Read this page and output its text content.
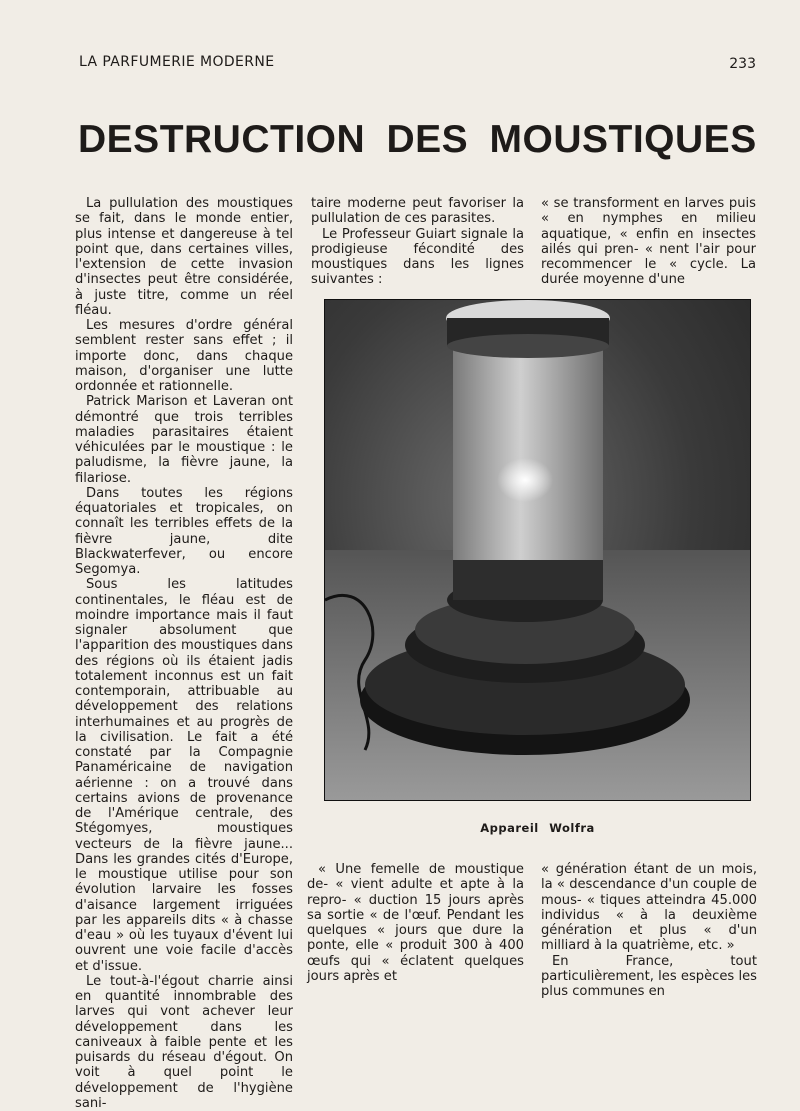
LA PARFUMERIE MODERNE	233
DESTRUCTION DES MOUSTIQUES

La pullulation des moustiques se fait, dans le monde entier, plus intense et dangereuse à tel point que, dans certaines villes, l'extension de cette invasion d'insectes peut être considérée, à juste titre, comme un réel fléau.

Les mesures d'ordre général semblent rester sans effet ; il importe donc, dans chaque maison, d'organiser une lutte ordonnée et rationnelle.

Patrick Marison et Laveran ont démontré que trois terribles maladies parasitaires étaient véhiculées par le moustique : le paludisme, la fièvre jaune, la filariose.

Dans toutes les régions équatoriales et tropicales, on connaît les terribles effets de la fièvre jaune, dite Blackwaterfever, ou encore Segomya.

Sous les latitudes continentales, le fléau est de moindre importance mais il faut signaler absolument que l'apparition des moustiques dans des régions où ils étaient jadis totalement inconnus est un fait contemporain, attribuable au développement des relations interhumaines et au progrès de la civilisation. Le fait a été constaté par la Compagnie Panaméricaine de navigation aérienne : on a trouvé dans certains avions de provenance de l'Amérique centrale, des Stégomyes, moustiques vecteurs de la fièvre jaune... Dans les grandes cités d'Europe, le moustique utilise pour son évolution larvaire les fosses d'aisance largement irriguées par les appareils dits « à chasse d'eau » où les tuyaux d'évent lui ouvrent une voie facile d'accès et d'issue.

Le tout-à-l'égout charrie ainsi en quantité innombrable des larves qui vont achever leur développement dans les caniveaux à faible pente et les puisards du réseau d'égout. On voit à quel point le développement de l'hygiène sani-

taire moderne peut favoriser la pullulation de ces parasites.

Le Professeur Guiart signale la prodigieuse fécondité des moustiques dans les lignes suivantes :

« se transforment en larves puis « en nymphes en milieu aquatique, « enfin en insectes ailés qui pren- « nent l'air pour recommencer le « cycle. La durée moyenne d'une

Appareil Wolfra

« Une femelle de moustique de- « vient adulte et apte à la repro- « duction 15 jours après sa sortie « de l'œuf. Pendant les quelques « jours que dure la ponte, elle « produit 300 à 400 œufs qui « éclatent quelques jours après et

« génération étant de un mois, la « descendance d'un couple de mous- « tiques atteindra 45.000 individus « à la deuxième génération et plus « d'un milliard à la quatrième, etc. »

En France, tout particulièrement, les espèces les plus communes en
